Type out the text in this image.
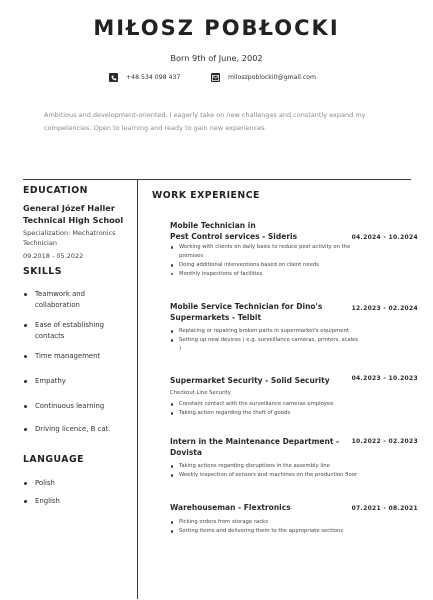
MIŁOSZ POBŁOCKI
Born 9th of June, 2002
+48 534 098 437	miloszpoblocki0@gmail.com
Ambitious and development-oriented, I eagerly take on new challenges and constantly expand my competencies. Open to learning and ready to gain new experiences.
EDUCATION
General Józef Haller
Technical High School
Specialization: Mechatronics
Technician
09.2018 - 05.2022
SKILLS
Teamwork and collaboration
Ease of establishing contacts
Time management
Empathy
Continuous learning
Driving licence, B cat.
LANGUAGE
Polish
English
WORK EXPERIENCE
Mobile Technician in
Pest Control services - Sideris	04.2024 - 10.2024
Working with clients on daily basis to reduce pest activity on the premises
Doing additional interventions based on client needs
Monthly inspections of facilities
Mobile Service Technician for Dino's
Supermarkets - Telbit
12.2023 - 02.2024
Replacing or repairing broken parts in supermarket's equipment
Setting up new devices ( e.g. surveillance cameras, printers, scales )
Supermarket Security - Solid Security	04.2023 - 10.2023
Checkout Line Security
Constant contact with the surveillance cameras employee
Taking action regarding the theft of goods
Intern in the Maintenance Department -
Dovista
10.2022 - 02.2023
Taking actions regarding disruptions in the assembly line
Weekly inspection of sensors and machines on the production floor
Warehouseman - Flextronics	07.2021 - 08.2021
Picking orders from storage racks
Sorting items and delivering them to the appropriate sections
